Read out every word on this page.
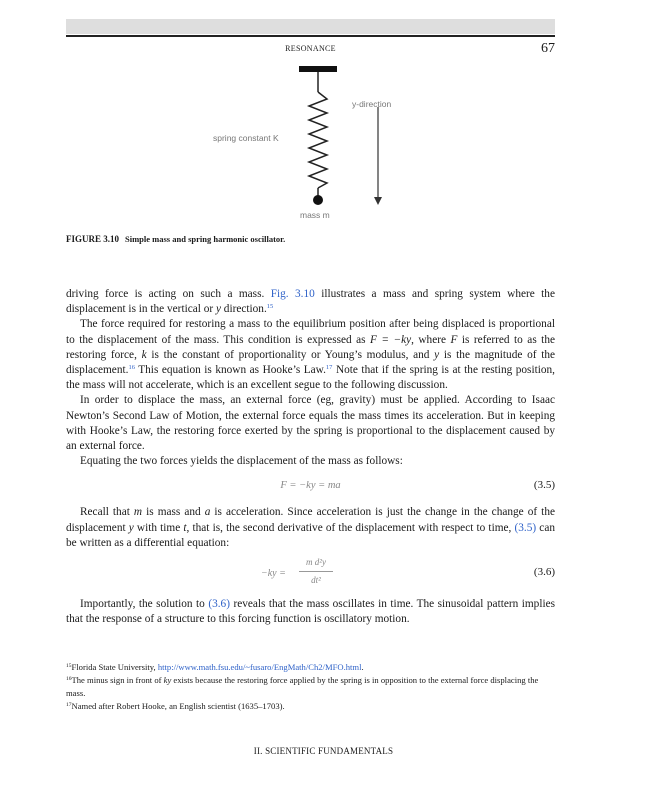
RESONANCE	67
spring constant K
y-direction
mass m
FIGURE 3.10 Simple mass and spring harmonic oscillator.

driving force is acting on such a mass. Fig. 3.10 illustrates a mass and spring system where the displacement is in the vertical or y direction.$^{15}$

The force required for restoring a mass to the equilibrium position after being displaced is proportional to the displacement of the mass. This condition is expressed as F = −ky, where F is referred to as the restoring force, k is the constant of proportionality or Young’s modulus, and y is the magnitude of the displacement.$^{16}$ This equation is known as Hooke’s Law.$^{17}$ Note that if the spring is at the resting position, the mass will not accelerate, which is an excellent segue to the following discussion.

In order to displace the mass, an external force (eg, gravity) must be applied. According to Isaac Newton’s Second Law of Motion, the external force equals the mass times its acceleration. But in keeping with Hooke’s Law, the restoring force exerted by the spring is proportional to the displacement caused by an external force.

Equating the two forces yields the displacement of the mass as follows:

F = −ky = ma	(3.5)

Recall that m is mass and a is acceleration. Since acceleration is just the change in the change of the displacement y with time t, that is, the second derivative of the displacement with respect to time, (3.5) can be written as a differential equation:

$-ky = \frac{\text{m d²y}}{\text{dt²}}$	(3.6)

Importantly, the solution to (3.6) reveals that the mass oscillates in time. The sinusoidal pattern implies that the response of a structure to this forcing function is oscillatory motion.

$^{15}$Florida State University, http://www.math.fsu.edu/~fusaro/EngMath/Ch2/MFO.html.

$^{16}$The minus sign in front of ky exists because the restoring force applied by the spring is in opposition to the external force displacing the mass.

$^{17}$Named after Robert Hooke, an English scientist (1635–1703).

II. SCIENTIFIC FUNDAMENTALS
